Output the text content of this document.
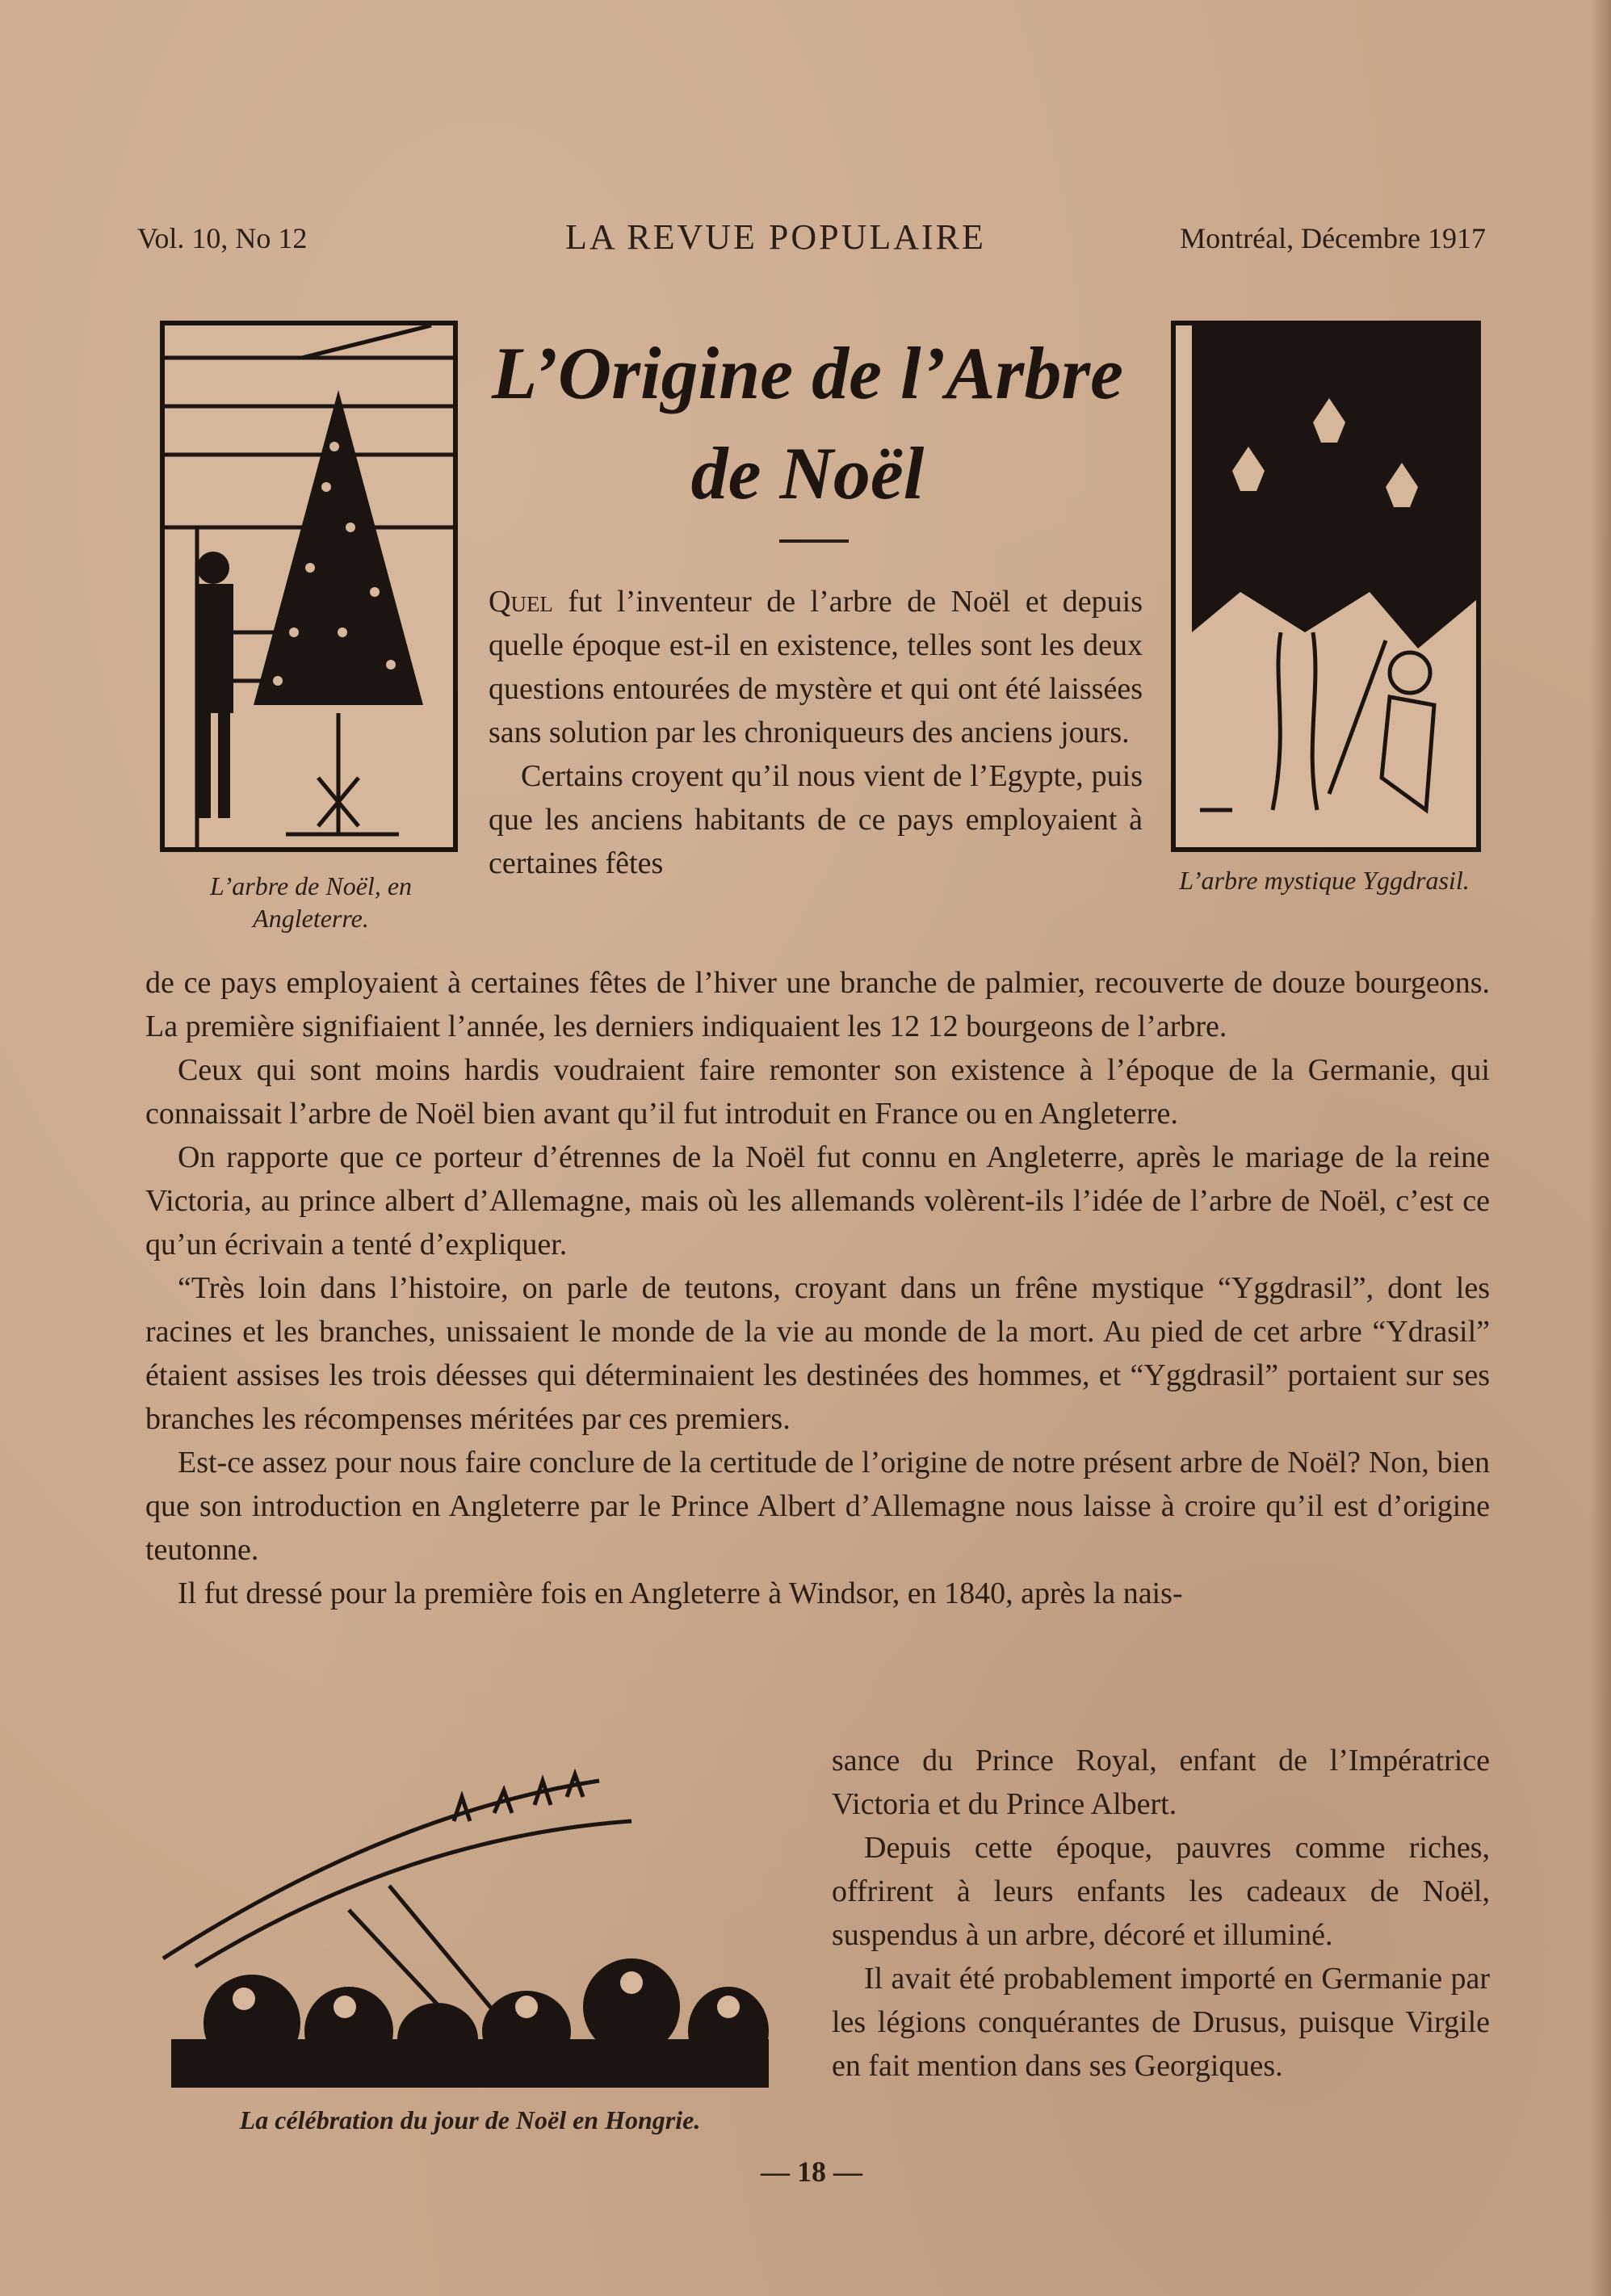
Vol. 10, No 12	LA REVUE POPULAIRE	Montréal, Décembre 1917
L’Origine de l’Arbre
de Noël
L’arbre de Noël, en Angleterre.
L’arbre mystique Yggdrasil.

Quel fut l’inventeur de l’arbre de Noël et depuis quelle époque est-il en existence, telles sont les deux questions entourées de mystère et qui ont été laissées sans solution par les chroniqueurs des anciens jours.

Certains croyent qu’il nous vient de l’Egypte, puis que les anciens habitants de ce pays employaient à certaines fêtes

de ce pays employaient à certaines fêtes de l’hiver une branche de palmier, recouverte de douze bourgeons. La première signifiaient l’année, les derniers indiquaient les 12 12 bourgeons de l’arbre.

Ceux qui sont moins hardis voudraient faire remonter son existence à l’époque de la Germanie, qui connaissait l’arbre de Noël bien avant qu’il fut introduit en France ou en Angleterre.

On rapporte que ce porteur d’étrennes de la Noël fut connu en Angleterre, après le mariage de la reine Victoria, au prince albert d’Allemagne, mais où les allemands volèrent-ils l’idée de l’arbre de Noël, c’est ce qu’un écrivain a tenté d’expliquer.

“Très loin dans l’histoire, on parle de teutons, croyant dans un frêne mystique “Yggdrasil”, dont les racines et les branches, unissaient le monde de la vie au monde de la mort. Au pied de cet arbre “Ydrasil” étaient assises les trois déesses qui déterminaient les destinées des hommes, et “Yggdrasil” portaient sur ses branches les récompenses méritées par ces premiers.

Est-ce assez pour nous faire conclure de la certitude de l’origine de notre présent arbre de Noël? Non, bien que son introduction en Angleterre par le Prince Albert d’Allemagne nous laisse à croire qu’il est d’origine teutonne.

Il fut dressé pour la première fois en Angleterre à Windsor, en 1840, après la nais-

La célébration du jour de Noël en Hongrie.

sance du Prince Royal, enfant de l’Impératrice Victoria et du Prince Albert.

Depuis cette époque, pauvres comme riches, offrirent à leurs enfants les cadeaux de Noël, suspendus à un arbre, décoré et illuminé.

Il avait été probablement importé en Germanie par les légions conquérantes de Drusus, puisque Virgile en fait mention dans ses Georgiques.

— 18 —
